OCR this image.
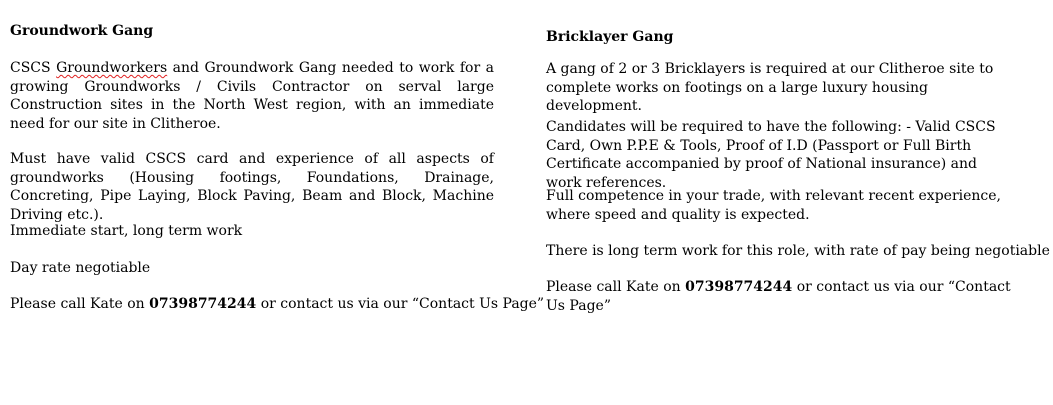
Groundwork Gang

CSCS Groundworkers and Groundwork Gang needed to work for a growing Groundworks / Civils Contractor on serval large Construction sites in the North West region, with an immediate need for our site in Clitheroe.

Must have valid CSCS card and experience of all aspects of groundworks (Housing footings, Foundations, Drainage, Concreting, Pipe Laying, Block Paving, Beam and Block, Machine Driving etc.).

Immediate start, long term work

Day rate negotiable

Please call Kate on 07398774244 or contact us via our “Contact Us Page”

Bricklayer Gang

A gang of 2 or 3 Bricklayers is required at our Clitheroe site to complete works on footings on a large luxury housing development.

Candidates will be required to have the following: - Valid CSCS Card, Own P.P.E & Tools, Proof of I.D (Passport or Full Birth Certificate accompanied by proof of National insurance) and work references.

Full competence in your trade, with relevant recent experience, where speed and quality is expected.

There is long term work for this role, with rate of pay being negotiable

Please call Kate on 07398774244 or contact us via our “Contact Us Page”
